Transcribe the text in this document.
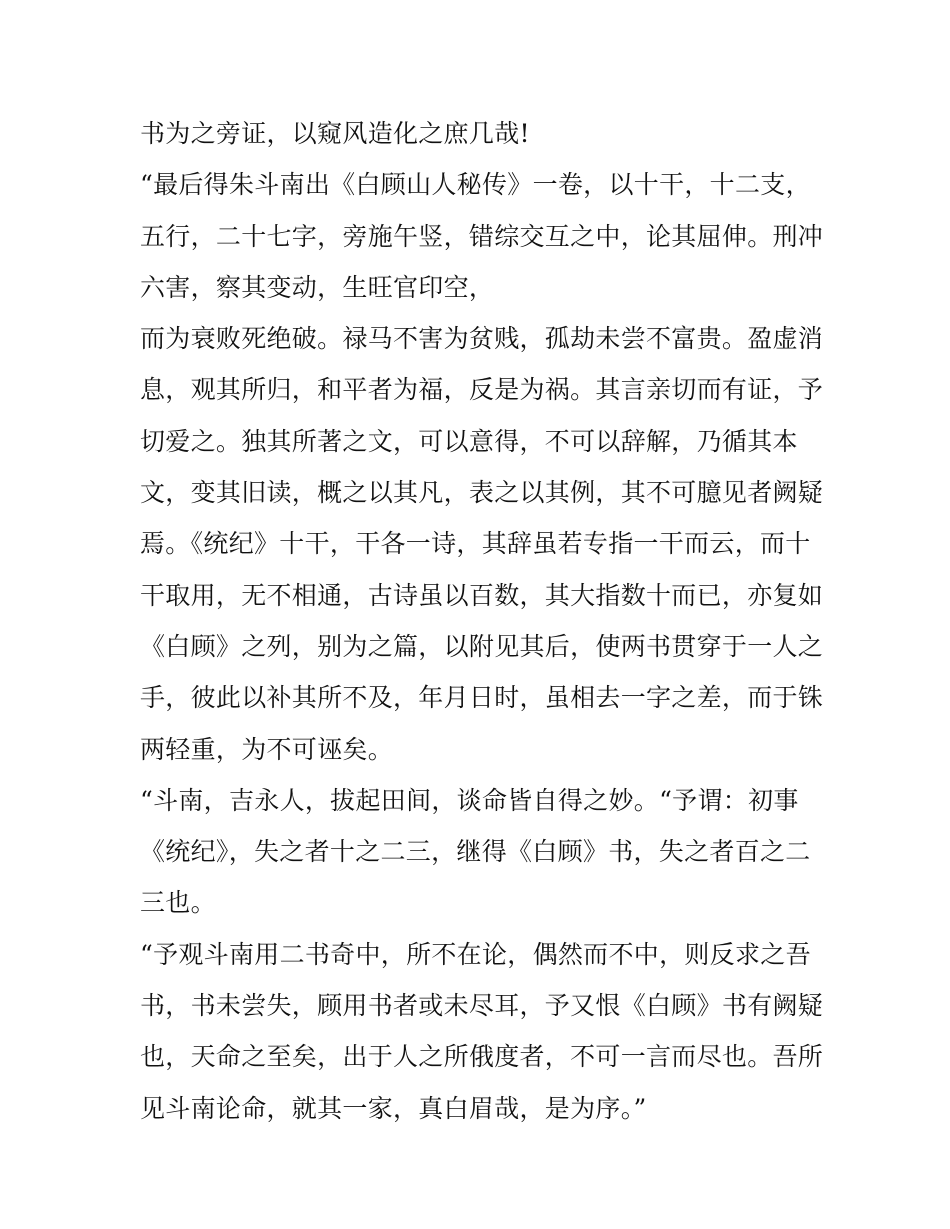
书为之旁证，以窥风造化之庶几哉!

“最后得朱斗南出《白顾山人秘传》一卷，以十干，十二支，

五行，二十七字，旁施午竖，错综交互之中，论其屈伸。刑冲

六害，察其变动，生旺官印空，

而为衰败死绝破。禄马不害为贫贱，孤劫未尝不富贵。盈虚消

息，观其所归，和平者为福，反是为祸。其言亲切而有证，予

切爱之。独其所著之文，可以意得，不可以辞解，乃循其本

文，变其旧读，概之以其凡，表之以其例，其不可臆见者阙疑

焉。《统纪》十干，干各一诗，其辞虽若专指一干而云，而十

干取用，无不相通，古诗虽以百数，其大指数十而已，亦复如

《白顾》之列，别为之篇，以附见其后，使两书贯穿于一人之

手，彼此以补其所不及，年月日时，虽相去一字之差，而于铢

两轻重，为不可诬矣。

“斗南，吉永人，拔起田间，谈命皆自得之妙。“予谓：初事

《统纪》，失之者十之二三，继得《白顾》书，失之者百之二

三也。

“予观斗南用二书奇中，所不在论，偶然而不中，则反求之吾

书，书未尝失，顾用书者或未尽耳，予又恨《白顾》书有阙疑

也，天命之至矣，出于人之所俄度者，不可一言而尽也。吾所

见斗南论命，就其一家，真白眉哉，是为序。”
